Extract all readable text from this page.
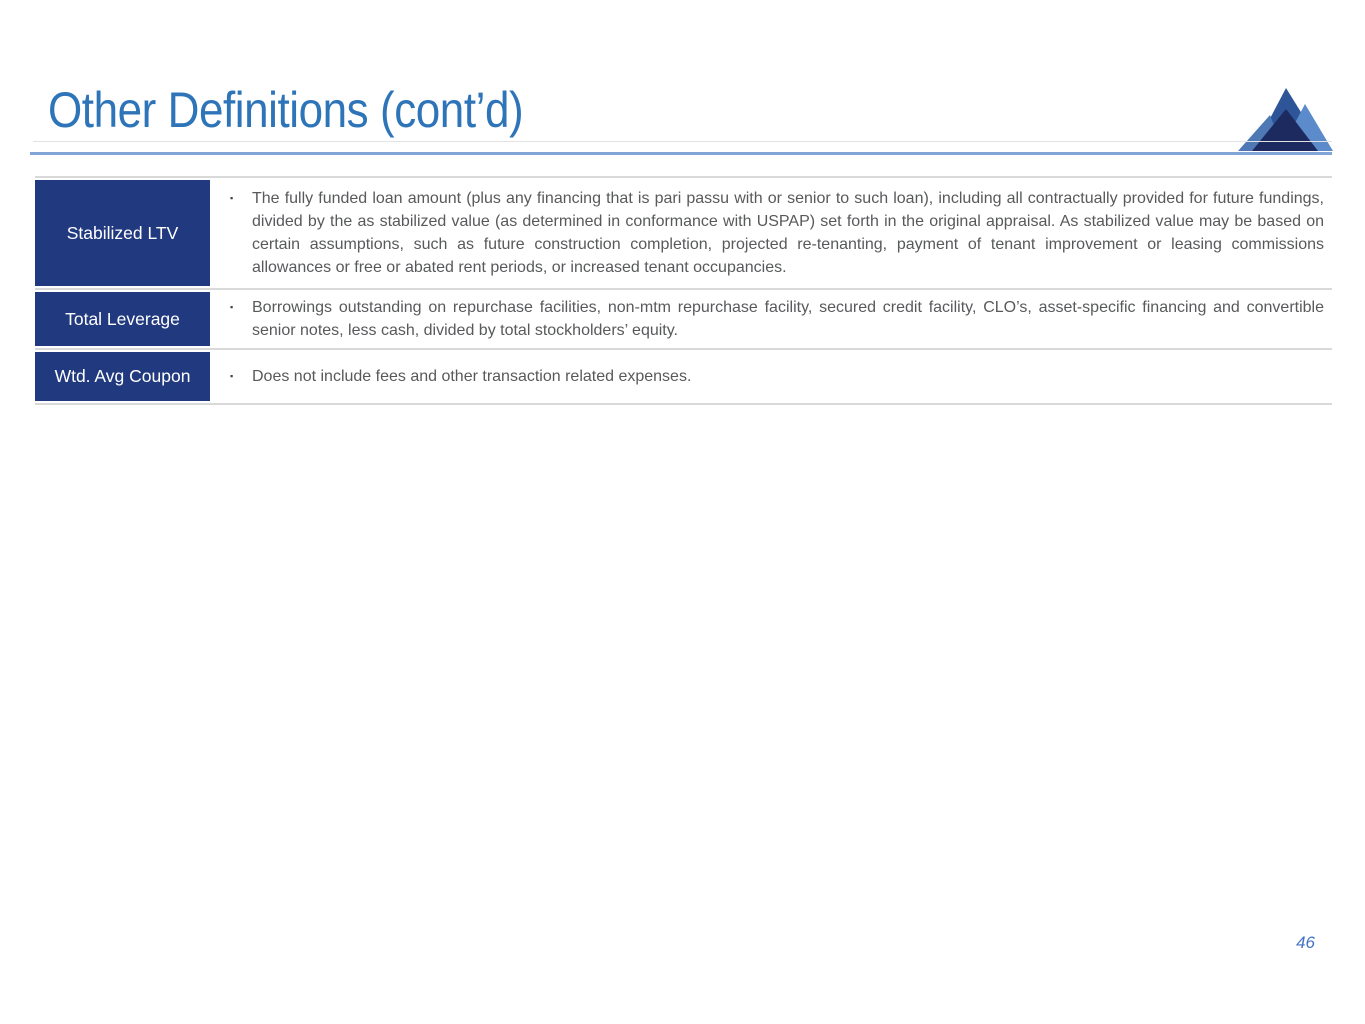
Other Definitions (cont’d)
Stabilized LTV
▪	The fully funded loan amount (plus any financing that is pari passu with or senior to such loan), including all contractually provided for future fundings, divided by the as stabilized value (as determined in conformance with USPAP) set forth in the original appraisal. As stabilized value may be based on certain assumptions, such as future construction completion, projected re-tenanting, payment of tenant improvement or leasing commissions allowances or free or abated rent periods, or increased tenant occupancies.

Total Leverage
▪	Borrowings outstanding on repurchase facilities, non-mtm repurchase facility, secured credit facility, CLO’s, asset-specific financing and convertible senior notes, less cash, divided by total stockholders’ equity.

Wtd. Avg Coupon	▪	Does not include fees and other transaction related expenses.

46
